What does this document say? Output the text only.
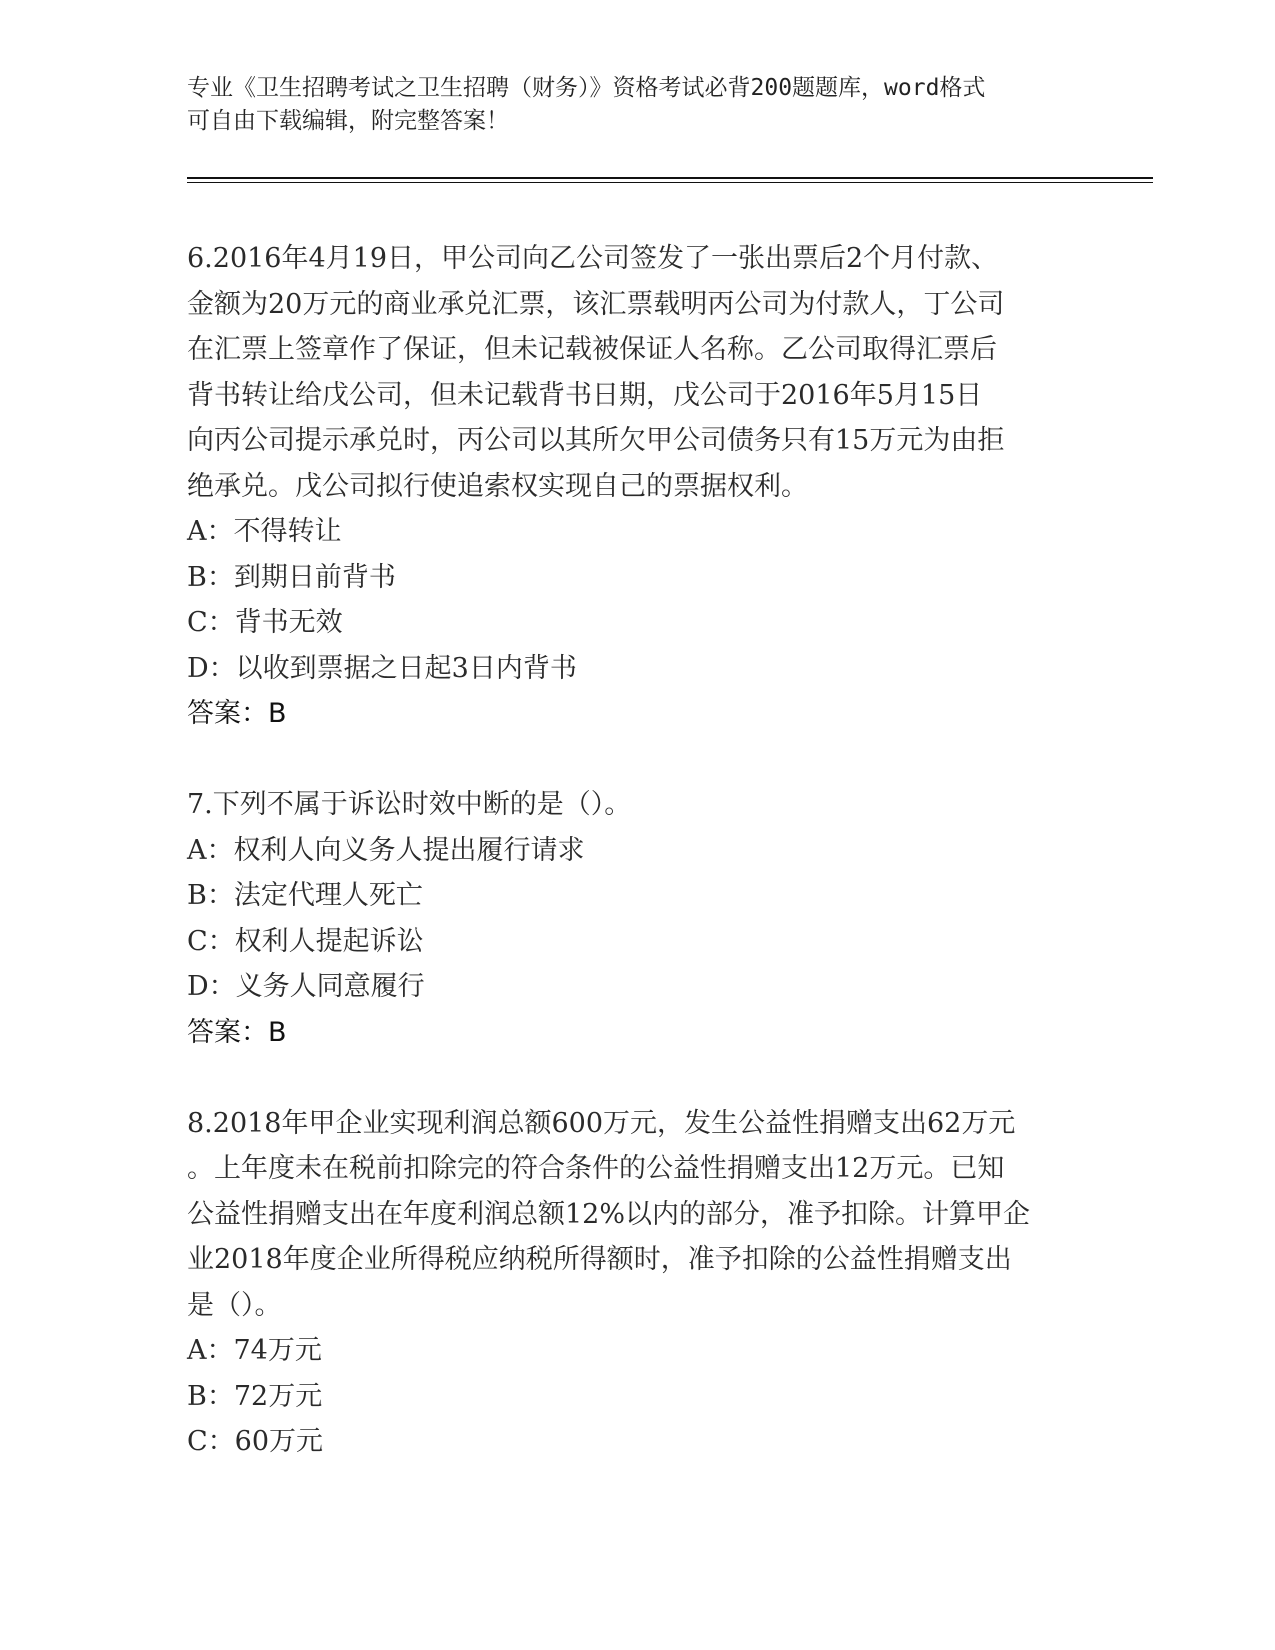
专业《卫生招聘考试之卫生招聘（财务）》资格考试必背200题题库，word格式
可自由下载编辑，附完整答案！
6.2016年4月19日，甲公司向乙公司签发了一张出票后2个月付款、
金额为20万元的商业承兑汇票，该汇票载明丙公司为付款人，丁公司
在汇票上签章作了保证，但未记载被保证人名称。乙公司取得汇票后
背书转让给戊公司，但未记载背书日期，戊公司于2016年5月15日
向丙公司提示承兑时，丙公司以其所欠甲公司债务只有15万元为由拒
绝承兑。戊公司拟行使追索权实现自己的票据权利。
A：不得转让
B：到期日前背书
C：背书无效
D：以收到票据之日起3日内背书
答案：B
7.下列不属于诉讼时效中断的是（）。
A：权利人向义务人提出履行请求
B：法定代理人死亡
C：权利人提起诉讼
D：义务人同意履行
答案：B
8.2018年甲企业实现利润总额600万元，发生公益性捐赠支出62万元
。上年度未在税前扣除完的符合条件的公益性捐赠支出12万元。已知
公益性捐赠支出在年度利润总额12%以内的部分，准予扣除。计算甲企
业2018年度企业所得税应纳税所得额时，准予扣除的公益性捐赠支出
是（）。
A：74万元
B：72万元
C：60万元
